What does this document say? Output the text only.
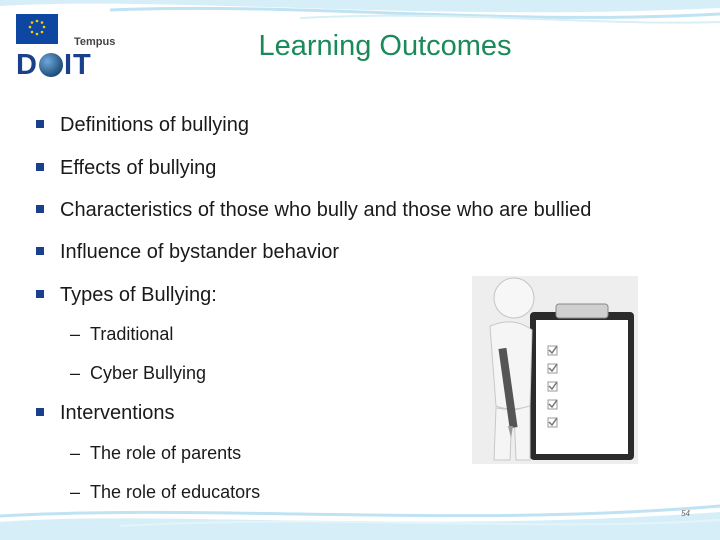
Tempus
D IT
Learning Outcomes
Definitions of bullying
Effects of bullying
Characteristics of those who bully and those who are bullied
Influence of bystander behavior
Types of Bullying:
– Traditional
– Cyber Bullying
Interventions
– The role of parents
– The role of educators
54
